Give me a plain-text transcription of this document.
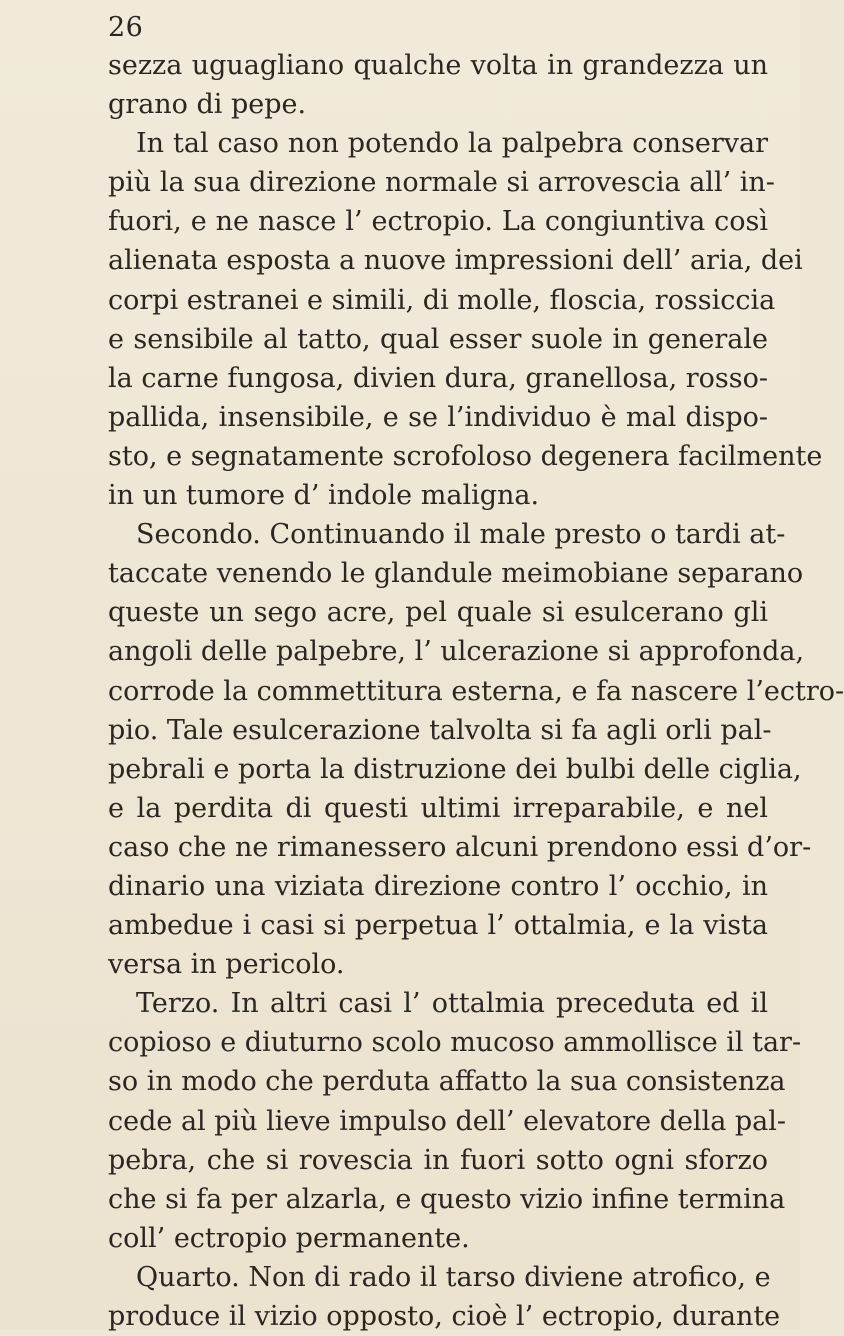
26
sezza uguagliano qualche volta in grandezza un
grano di pepe.
In tal caso non potendo la palpebra conservar
più la sua direzione normale si arrovescia all’ in-
fuori, e ne nasce l’ ectropio. La congiuntiva così
alienata esposta a nuove impressioni dell’ aria, dei
corpi estranei e simili, di molle, floscia, rossiccia
e sensibile al tatto, qual esser suole in generale
la carne fungosa, divien dura, granellosa, rosso-
pallida, insensibile, e se l’individuo è mal dispo-
sto, e segnatamente scrofoloso degenera facilmente
in un tumore d’ indole maligna.
Secondo. Continuando il male presto o tardi at-
taccate venendo le glandule meimobiane separano
queste un sego acre, pel quale si esulcerano gli
angoli delle palpebre, l’ ulcerazione si approfonda,
corrode la commettitura esterna, e fa nascere l’ectro-
pio. Tale esulcerazione talvolta si fa agli orli pal-
pebrali e porta la distruzione dei bulbi delle ciglia,
e la perdita di questi ultimi irreparabile, e nel
caso che ne rimanessero alcuni prendono essi d’or-
dinario una viziata direzione contro l’ occhio, in
ambedue i casi si perpetua l’ ottalmia, e la vista
versa in pericolo.
Terzo. In altri casi l’ ottalmia preceduta ed il
copioso e diuturno scolo mucoso ammollisce il tar-
so in modo che perduta affatto la sua consistenza
cede al più lieve impulso dell’ elevatore della pal-
pebra, che si rovescia in fuori sotto ogni sforzo
che si fa per alzarla, e questo vizio infine termina
coll’ ectropio permanente.
Quarto. Non di rado il tarso diviene atrofico, e
produce il vizio opposto, cioè l’ ectropio, durante
